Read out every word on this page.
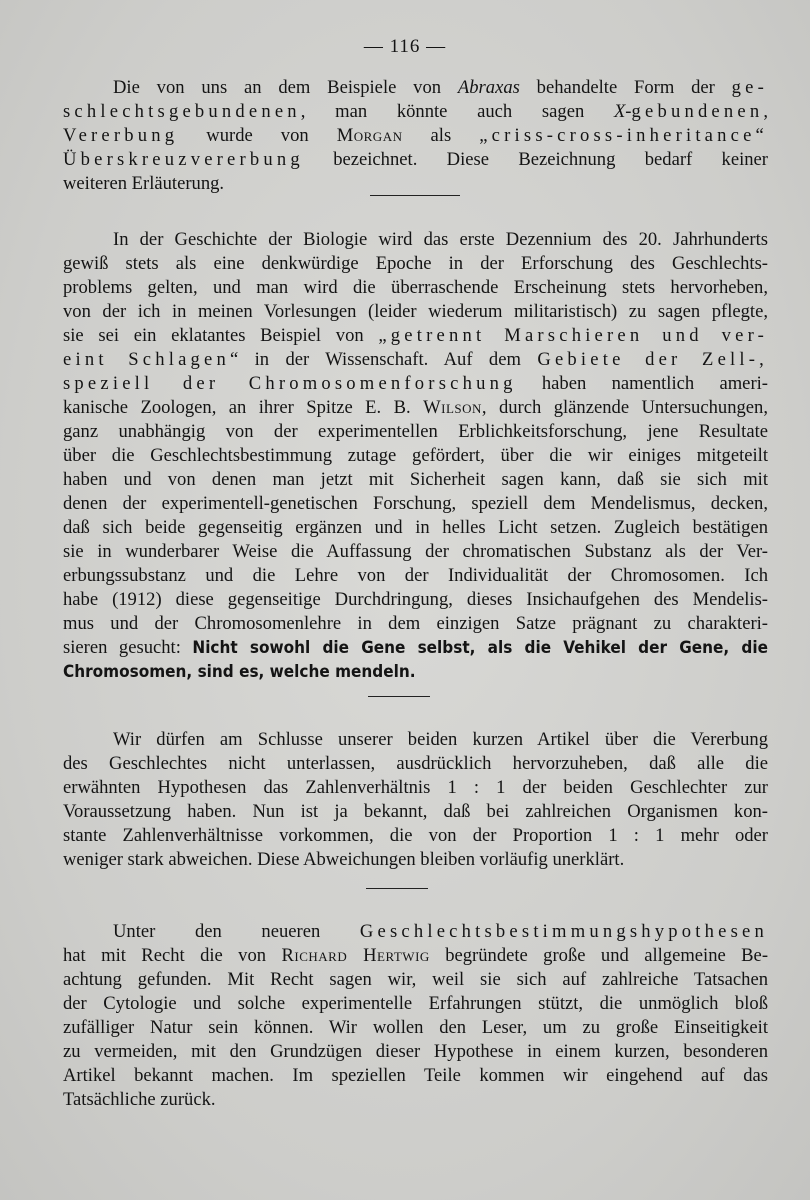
— 116 —
Die von uns an dem Beispiele von Abraxas behandelte Form der ge-
schlechtsgebundenen, man könnte auch sagen X-gebundenen,
Vererbung wurde von Morgan als „criss-cross-inheritance“
Überskreuzvererbung bezeichnet. Diese Bezeichnung bedarf keiner
weiteren Erläuterung.
In der Geschichte der Biologie wird das erste Dezennium des 20. Jahrhunderts
gewiß stets als eine denkwürdige Epoche in der Erforschung des Geschlechts-
problems gelten, und man wird die überraschende Erscheinung stets hervorheben,
von der ich in meinen Vorlesungen (leider wiederum militaristisch) zu sagen pflegte,
sie sei ein eklatantes Beispiel von „getrennt Marschieren und ver-
eint Schlagen“ in der Wissenschaft. Auf dem Gebiete der Zell-,
speziell der Chromosomenforschung haben namentlich ameri-
kanische Zoologen, an ihrer Spitze E. B. Wilson, durch glänzende Untersuchungen,
ganz unabhängig von der experimentellen Erblichkeitsforschung, jene Resultate
über die Geschlechtsbestimmung zutage gefördert, über die wir einiges mitgeteilt
haben und von denen man jetzt mit Sicherheit sagen kann, daß sie sich mit
denen der experimentell-genetischen Forschung, speziell dem Mendelismus, decken,
daß sich beide gegenseitig ergänzen und in helles Licht setzen. Zugleich bestätigen
sie in wunderbarer Weise die Auffassung der chromatischen Substanz als der Ver-
erbungssubstanz und die Lehre von der Individualität der Chromosomen. Ich
habe (1912) diese gegenseitige Durchdringung, dieses Insichaufgehen des Mendelis-
mus und der Chromosomenlehre in dem einzigen Satze prägnant zu charakteri-
sieren gesucht: Nicht sowohl die Gene selbst, als die Vehikel der Gene, die
Chromosomen, sind es, welche mendeln.
Wir dürfen am Schlusse unserer beiden kurzen Artikel über die Vererbung
des Geschlechtes nicht unterlassen, ausdrücklich hervorzuheben, daß alle die
erwähnten Hypothesen das Zahlenverhältnis 1 : 1 der beiden Geschlechter zur
Voraussetzung haben. Nun ist ja bekannt, daß bei zahlreichen Organismen kon-
stante Zahlenverhältnisse vorkommen, die von der Proportion 1 : 1 mehr oder
weniger stark abweichen. Diese Abweichungen bleiben vorläufig unerklärt.
Unter den neueren Geschlechtsbestimmungshypothesen
hat mit Recht die von Richard Hertwig begründete große und allgemeine Be-
achtung gefunden. Mit Recht sagen wir, weil sie sich auf zahlreiche Tatsachen
der Cytologie und solche experimentelle Erfahrungen stützt, die unmöglich bloß
zufälliger Natur sein können. Wir wollen den Leser, um zu große Einseitigkeit
zu vermeiden, mit den Grundzügen dieser Hypothese in einem kurzen, besonderen
Artikel bekannt machen. Im speziellen Teile kommen wir eingehend auf das
Tatsächliche zurück.
